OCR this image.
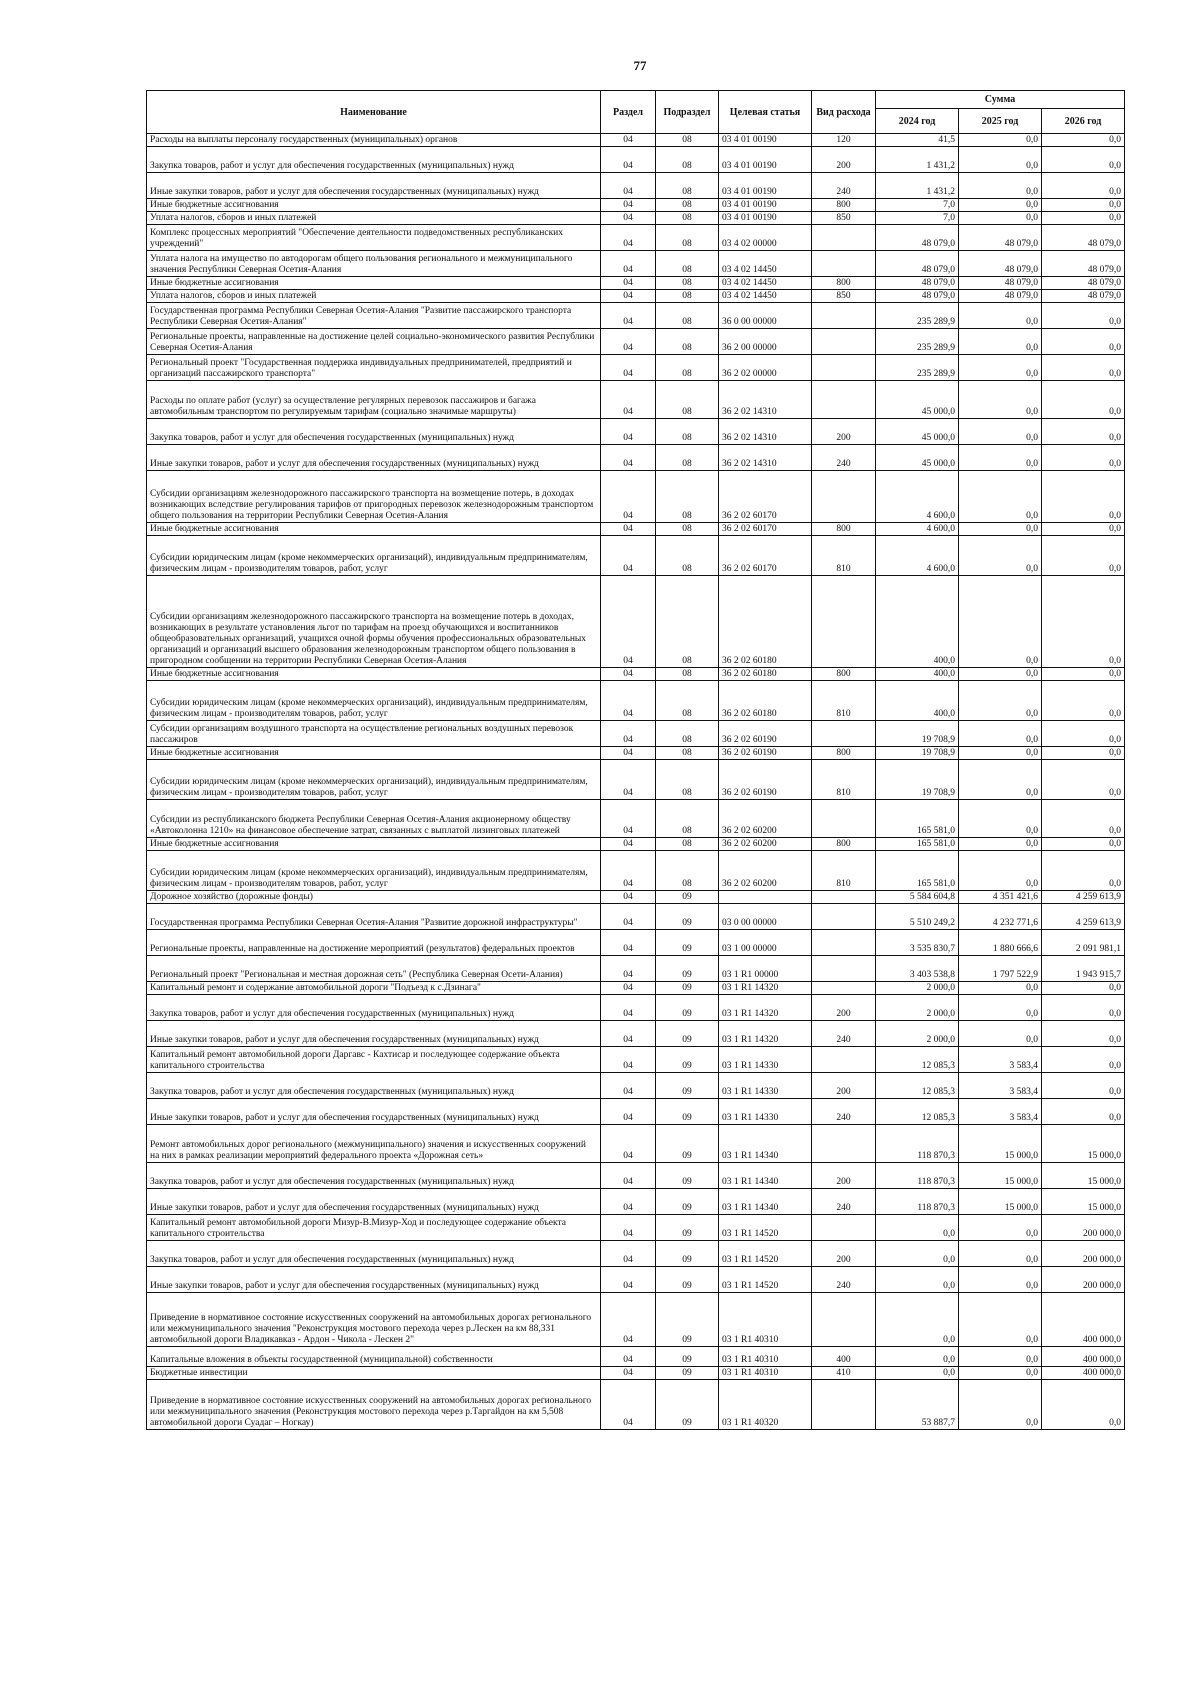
77
Наименование	Раздел	Подраздел	Целевая статья	Вид расхода	Сумма		
					2024 год	2025 год	2026 год
Расходы на выплаты персоналу государственных (муниципальных) органов	04	08	03 4 01 00190	120	41,5	0,0	0,0
Закупка товаров, работ и услуг для обеспечения государственных (муниципальных) нужд	04	08	03 4 01 00190	200	1 431,2	0,0	0,0
Иные закупки товаров, работ и услуг для обеспечения государственных (муниципальных) нужд	04	08	03 4 01 00190	240	1 431,2	0,0	0,0
Иные бюджетные ассигнования	04	08	03 4 01 00190	800	7,0	0,0	0,0
Уплата налогов, сборов и иных платежей	04	08	03 4 01 00190	850	7,0	0,0	0,0
Комплекс процессных мероприятий "Обеспечение деятельности подведомственных республиканских учреждений"	04	08	03 4 02 00000		48 079,0	48 079,0	48 079,0
Уплата налога на имущество по автодорогам общего пользования регионального и межмуниципального значения Республики Северная Осетия-Алания	04	08	03 4 02 14450		48 079,0	48 079,0	48 079,0
Иные бюджетные ассигнования	04	08	03 4 02 14450	800	48 079,0	48 079,0	48 079,0
Уплата налогов, сборов и иных платежей	04	08	03 4 02 14450	850	48 079,0	48 079,0	48 079,0
Государственная программа Республики Северная Осетия-Алания "Развитие пассажирского транспорта Республики Северная Осетия-Алания"	04	08	36 0 00 00000		235 289,9	0,0	0,0
Региональные проекты, направленные на достижение целей социально-экономического развития Республики Северная Осетия-Алания	04	08	36 2 00 00000		235 289,9	0,0	0,0
Региональный проект "Государственная поддержка индивидуальных предпринимателей, предприятий и организаций пассажирского транспорта"	04	08	36 2 02 00000		235 289,9	0,0	0,0
Расходы по оплате работ (услуг) за осуществление регулярных перевозок пассажиров и багажа автомобильным транспортом по регулируемым тарифам (социально значимые маршруты)	04	08	36 2 02 14310		45 000,0	0,0	0,0
Закупка товаров, работ и услуг для обеспечения государственных (муниципальных) нужд	04	08	36 2 02 14310	200	45 000,0	0,0	0,0
Иные закупки товаров, работ и услуг для обеспечения государственных (муниципальных) нужд	04	08	36 2 02 14310	240	45 000,0	0,0	0,0
Субсидии организациям железнодорожного пассажирского транспорта на возмещение потерь, в доходах возникающих вследствие регулирования тарифов от пригородных перевозок железнодорожным транспортом общего пользования на территории Республики Северная Осетия-Алания	04	08	36 2 02 60170		4 600,0	0,0	0,0
Иные бюджетные ассигнования	04	08	36 2 02 60170	800	4 600,0	0,0	0,0
Субсидии юридическим лицам (кроме некоммерческих организаций), индивидуальным предпринимателям, физическим лицам - производителям товаров, работ, услуг	04	08	36 2 02 60170	810	4 600,0	0,0	0,0
Субсидии организациям железнодорожного пассажирского транспорта на возмещение потерь в доходах, возникающих в результате установления льгот по тарифам на проезд обучающихся и воспитанников общеобразовательных организаций, учащихся очной формы обучения профессиональных образовательных организаций и организаций высшего образования железнодорожным транспортом общего пользования в пригородном сообщении на территории Республики Северная Осетия-Алания	04	08	36 2 02 60180		400,0	0,0	0,0
Иные бюджетные ассигнования	04	08	36 2 02 60180	800	400,0	0,0	0,0
Субсидии юридическим лицам (кроме некоммерческих организаций), индивидуальным предпринимателям, физическим лицам - производителям товаров, работ, услуг	04	08	36 2 02 60180	810	400,0	0,0	0,0
Субсидии организациям воздушного транспорта на осуществление региональных воздушных перевозок пассажиров	04	08	36 2 02 60190		19 708,9	0,0	0,0
Иные бюджетные ассигнования	04	08	36 2 02 60190	800	19 708,9	0,0	0,0
Субсидии юридическим лицам (кроме некоммерческих организаций), индивидуальным предпринимателям, физическим лицам - производителям товаров, работ, услуг	04	08	36 2 02 60190	810	19 708,9	0,0	0,0
Субсидии из республиканского бюджета Республики Северная Осетия-Алания акционерному обществу «Автоколонна 1210» на финансовое обеспечение затрат, связанных с выплатой лизинговых платежей	04	08	36 2 02 60200		165 581,0	0,0	0,0
Иные бюджетные ассигнования	04	08	36 2 02 60200	800	165 581,0	0,0	0,0
Субсидии юридическим лицам (кроме некоммерческих организаций), индивидуальным предпринимателям, физическим лицам - производителям товаров, работ, услуг	04	08	36 2 02 60200	810	165 581,0	0,0	0,0
Дорожное хозяйство (дорожные фонды)	04	09			5 584 604,8	4 351 421,6	4 259 613,9
Государственная программа Республики Северная Осетия-Алания "Развитие дорожной инфраструктуры"	04	09	03 0 00 00000		5 510 249,2	4 232 771,6	4 259 613,9
Региональные проекты, направленные на достижение мероприятий (результатов) федеральных проектов	04	09	03 1 00 00000		3 535 830,7	1 880 666,6	2 091 981,1
Региональный проект "Региональная и местная дорожная сеть" (Республика Северная Осети-Алания)	04	09	03 1 R1 00000		3 403 538,8	1 797 522,9	1 943 915,7
Капитальный ремонт и содержание автомобильной дороги "Подъезд к с.Дзинага"	04	09	03 1 R1 14320		2 000,0	0,0	0,0
Закупка товаров, работ и услуг для обеспечения государственных (муниципальных) нужд	04	09	03 1 R1 14320	200	2 000,0	0,0	0,0
Иные закупки товаров, работ и услуг для обеспечения государственных (муниципальных) нужд	04	09	03 1 R1 14320	240	2 000,0	0,0	0,0
Капитальный ремонт автомобильной дороги Даргавс - Кахтисар и последующее содержание объекта капитального строительства	04	09	03 1 R1 14330		12 085,3	3 583,4	0,0
Закупка товаров, работ и услуг для обеспечения государственных (муниципальных) нужд	04	09	03 1 R1 14330	200	12 085,3	3 583,4	0,0
Иные закупки товаров, работ и услуг для обеспечения государственных (муниципальных) нужд	04	09	03 1 R1 14330	240	12 085,3	3 583,4	0,0
Ремонт автомобильных дорог регионального (межмуниципального) значения и искусственных сооружений на них в рамках реализации мероприятий федерального проекта «Дорожная сеть»	04	09	03 1 R1 14340		118 870,3	15 000,0	15 000,0
Закупка товаров, работ и услуг для обеспечения государственных (муниципальных) нужд	04	09	03 1 R1 14340	200	118 870,3	15 000,0	15 000,0
Иные закупки товаров, работ и услуг для обеспечения государственных (муниципальных) нужд	04	09	03 1 R1 14340	240	118 870,3	15 000,0	15 000,0
Капитальный ремонт автомобильной дороги Мизур-В.Мизур-Ход и последующее содержание объекта капитального строительства	04	09	03 1 R1 14520		0,0	0,0	200 000,0
Закупка товаров, работ и услуг для обеспечения государственных (муниципальных) нужд	04	09	03 1 R1 14520	200	0,0	0,0	200 000,0
Иные закупки товаров, работ и услуг для обеспечения государственных (муниципальных) нужд	04	09	03 1 R1 14520	240	0,0	0,0	200 000,0
Приведение в нормативное состояние искусственных сооружений на автомобильных дорогах регионального или межмуниципального значения "Реконструкция мостового перехода через р.Лескен на км 88,331 автомобильной дороги Владикавказ - Ардон - Чикола - Лескен 2"	04	09	03 1 R1 40310		0,0	0,0	400 000,0
Капитальные вложения в объекты государственной (муниципальной) собственности	04	09	03 1 R1 40310	400	0,0	0,0	400 000,0
Бюджетные инвестиции	04	09	03 1 R1 40310	410	0,0	0,0	400 000,0
Приведение в нормативное состояние искусственных сооружений на автомобильных дорогах регионального или межмуниципального значения (Реконструкция мостового перехода через р.Таргайдон на км 5,508 автомобильной дороги Суадаг – Ногкау)	04	09	03 1 R1 40320		53 887,7	0,0	0,0
